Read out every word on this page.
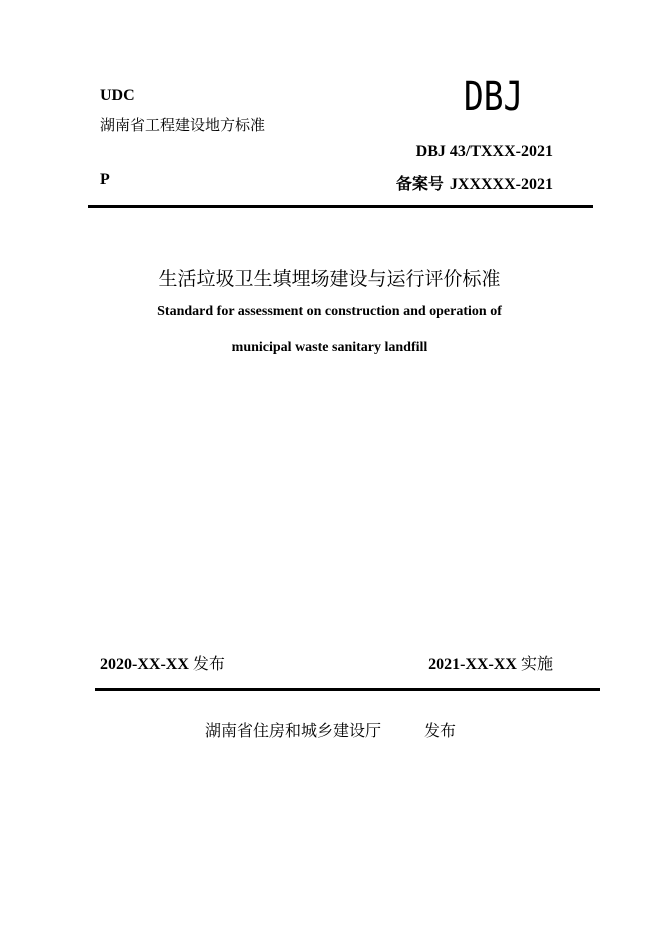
UDC
湖南省工程建设地方标准
DBJ
DBJ 43/TXXX-2021
P	备案号 JXXXXX-2021
生活垃圾卫生填埋场建设与运行评价标准
Standard for assessment on construction and operation of
municipal waste sanitary landfill
2020-XX-XX 发布	2021-XX-XX 实施
湖南省住房和城乡建设厅	发布
